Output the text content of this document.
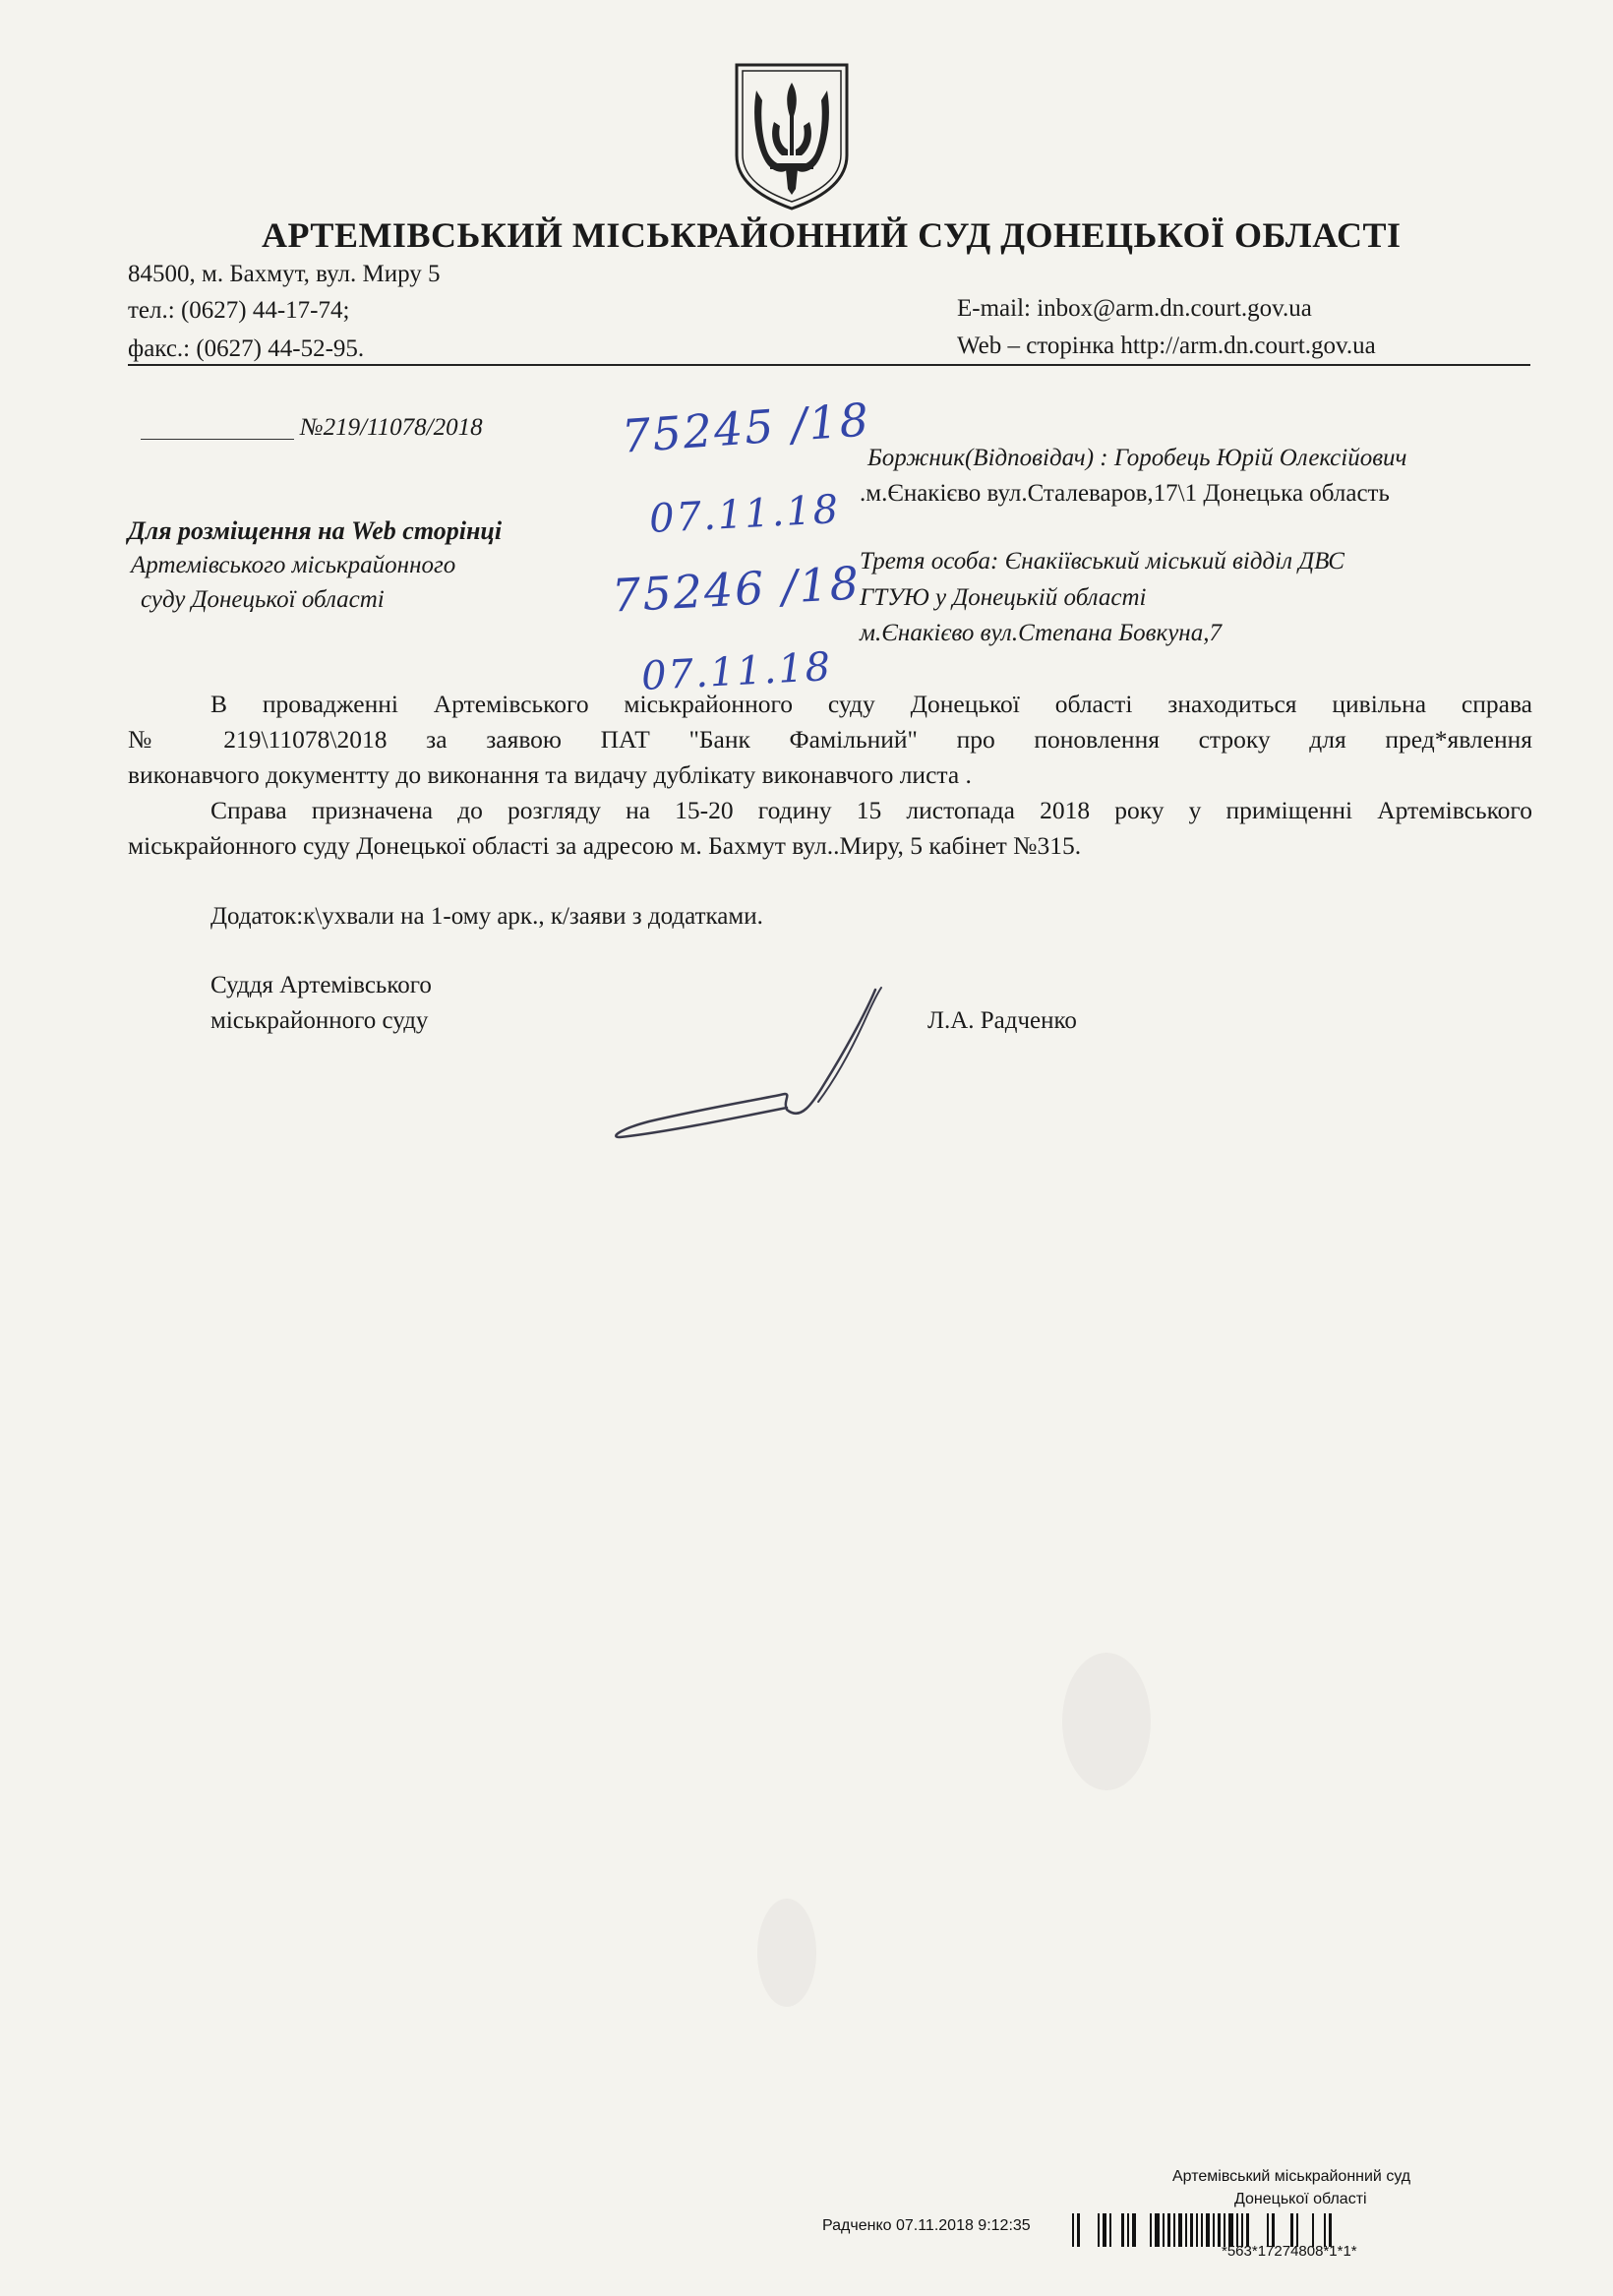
АРТЕМІВСЬКИЙ МІСЬКРАЙОННИЙ СУД ДОНЕЦЬКОЇ ОБЛАСТІ
84500, м. Бахмут, вул. Миру 5
тел.: (0627) 44-17-74;
факс.: (0627) 44-52-95.
E-mail: inbox@arm.dn.court.gov.ua
Web – сторінка http://arm.dn.court.gov.ua
№219/11078/2018
Для розміщення на Web сторінці
Артемівського міськрайонного
суду Донецької області
Боржник(Відповідач) : Горобець Юрій Олексійович
.м.Єнакієво вул.Сталеваров,17\1 Донецька область
Третя особа: Єнакіївський міський відділ ДВС
ГТУЮ у Донецькій області
м.Єнакієво вул.Степана Бовкуна,7
75245 /18
07.11.18
75246 /18
07.11.18
В провадженні Артемівського міськрайонного суду Донецької області знаходиться цивільна справа
№ 219\11078\2018 за заявою ПАТ "Банк Фамільний" про поновлення строку для пред*явлення
виконавчого документту до виконання та видачу дублікату виконавчого листа .
Справа призначена до розгляду на 15-20 годину 15 листопада 2018 року у приміщенні Артемівського
міськрайонного суду Донецької області за адресою м. Бахмут вул..Миру, 5 кабінет №315.
Додаток:к\ухвали на 1-ому арк., к/заяви з додатками.
Суддя Артемівського
міськрайонного суду	Л.А. Радченко
Артемівський міськрайонний суд
Донецької області
Радченко 07.11.2018 9:12:35
*563*17274808*1*1*
